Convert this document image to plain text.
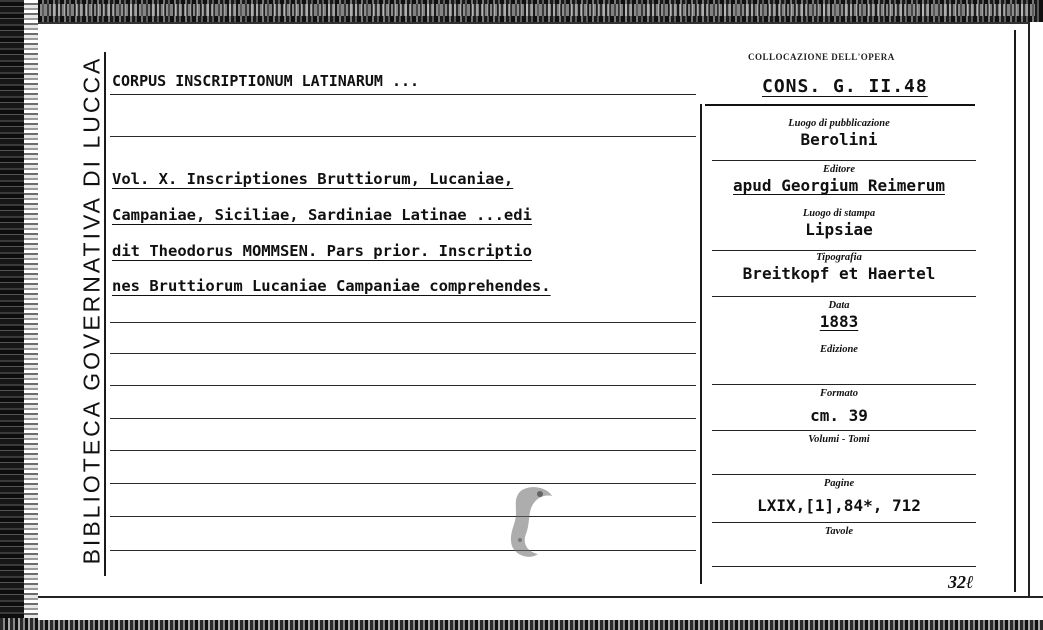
BIBLIOTECA GOVERNATIVA DI LUCCA	COLLOCAZIONE DELL'OPERA
CONS. G. II.48
CORPUS INSCRIPTIONUM LATINARUM ...
Vol. X. Inscriptiones Bruttiorum, Lucaniae,
Campaniae, Siciliae, Sardiniae Latinae ...edi
dit Theodorus MOMMSEN. Pars prior. Inscriptio
nes Bruttiorum Lucaniae Campaniae comprehendes.
Luogo di pubblicazione
Berolini
Editore
apud Georgium Reimerum
Luogo di stampa
Lipsiae
Tipografia
Breitkopf et Haertel
Data
1883
Edizione
Formato
cm. 39
Volumi - Tomi
Pagine
LXIX,[1],84*, 712
Tavole
32ℓ
